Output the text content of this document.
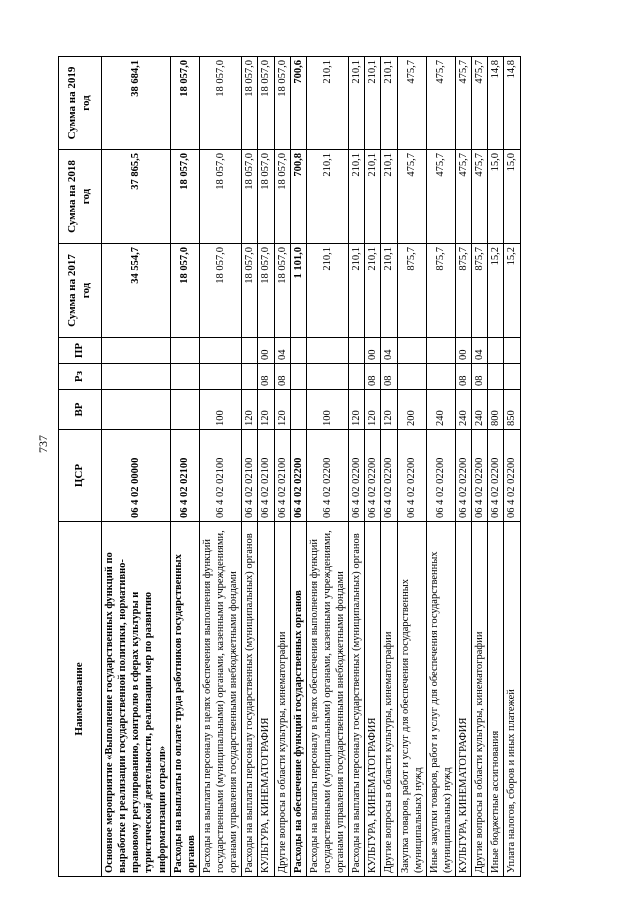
737
Наименование	ЦСР	ВР	Рз	ПР	Сумма на 2017 год	Сумма на 2018 год	Сумма на 2019 год
Основное мероприятие «Выполнение государственных функций по выработке и реализации государственной политики, нормативно-правовому регулированию, контролю в сферах культуры и туристической деятельности, реализации мер по развитию информатизации отрасли»	06 4 02 00000				34 554,7	37 865,5	38 684,1
Расходы на выплаты по оплате труда работников государственных органов	06 4 02 02100				18 057,0	18 057,0	18 057,0
Расходы на выплаты персоналу в целях обеспечения выполнения функций государственными (муниципальными) органами, казенными учреждениями, органами управления государственными внебюджетными фондами	06 4 02 02100	100			18 057,0	18 057,0	18 057,0
Расходы на выплаты персоналу государственных (муниципальных) органов	06 4 02 02100	120			18 057,0	18 057,0	18 057,0
КУЛЬТУРА, КИНЕМАТОГРАФИЯ	06 4 02 02100	120	08	00	18 057,0	18 057,0	18 057,0
Другие вопросы в области культуры, кинематографии	06 4 02 02100	120	08	04	18 057,0	18 057,0	18 057,0
Расходы на обеспечение функций государственных органов	06 4 02 02200				1 101,0	700,8	700,6
Расходы на выплаты персоналу в целях обеспечения выполнения функций государственными (муниципальными) органами, казенными учреждениями, органами управления государственными внебюджетными фондами	06 4 02 02200	100			210,1	210,1	210,1
Расходы на выплаты персоналу государственных (муниципальных) органов	06 4 02 02200	120			210,1	210,1	210,1
КУЛЬТУРА, КИНЕМАТОГРАФИЯ	06 4 02 02200	120	08	00	210,1	210,1	210,1
Другие вопросы в области культуры, кинематографии	06 4 02 02200	120	08	04	210,1	210,1	210,1
Закупка товаров, работ и услуг для обеспечения государственных (муниципальных) нужд	06 4 02 02200	200			875,7	475,7	475,7
Иные закупки товаров, работ и услуг для обеспечения государственных (муниципальных) нужд	06 4 02 02200	240			875,7	475,7	475,7
КУЛЬТУРА, КИНЕМАТОГРАФИЯ	06 4 02 02200	240	08	00	875,7	475,7	475,7
Другие вопросы в области культуры, кинематографии	06 4 02 02200	240	08	04	875,7	475,7	475,7
Иные бюджетные ассигнования	06 4 02 02200	800			15,2	15,0	14,8
Уплата налогов, сборов и иных платежей	06 4 02 02200	850			15,2	15,0	14,8
